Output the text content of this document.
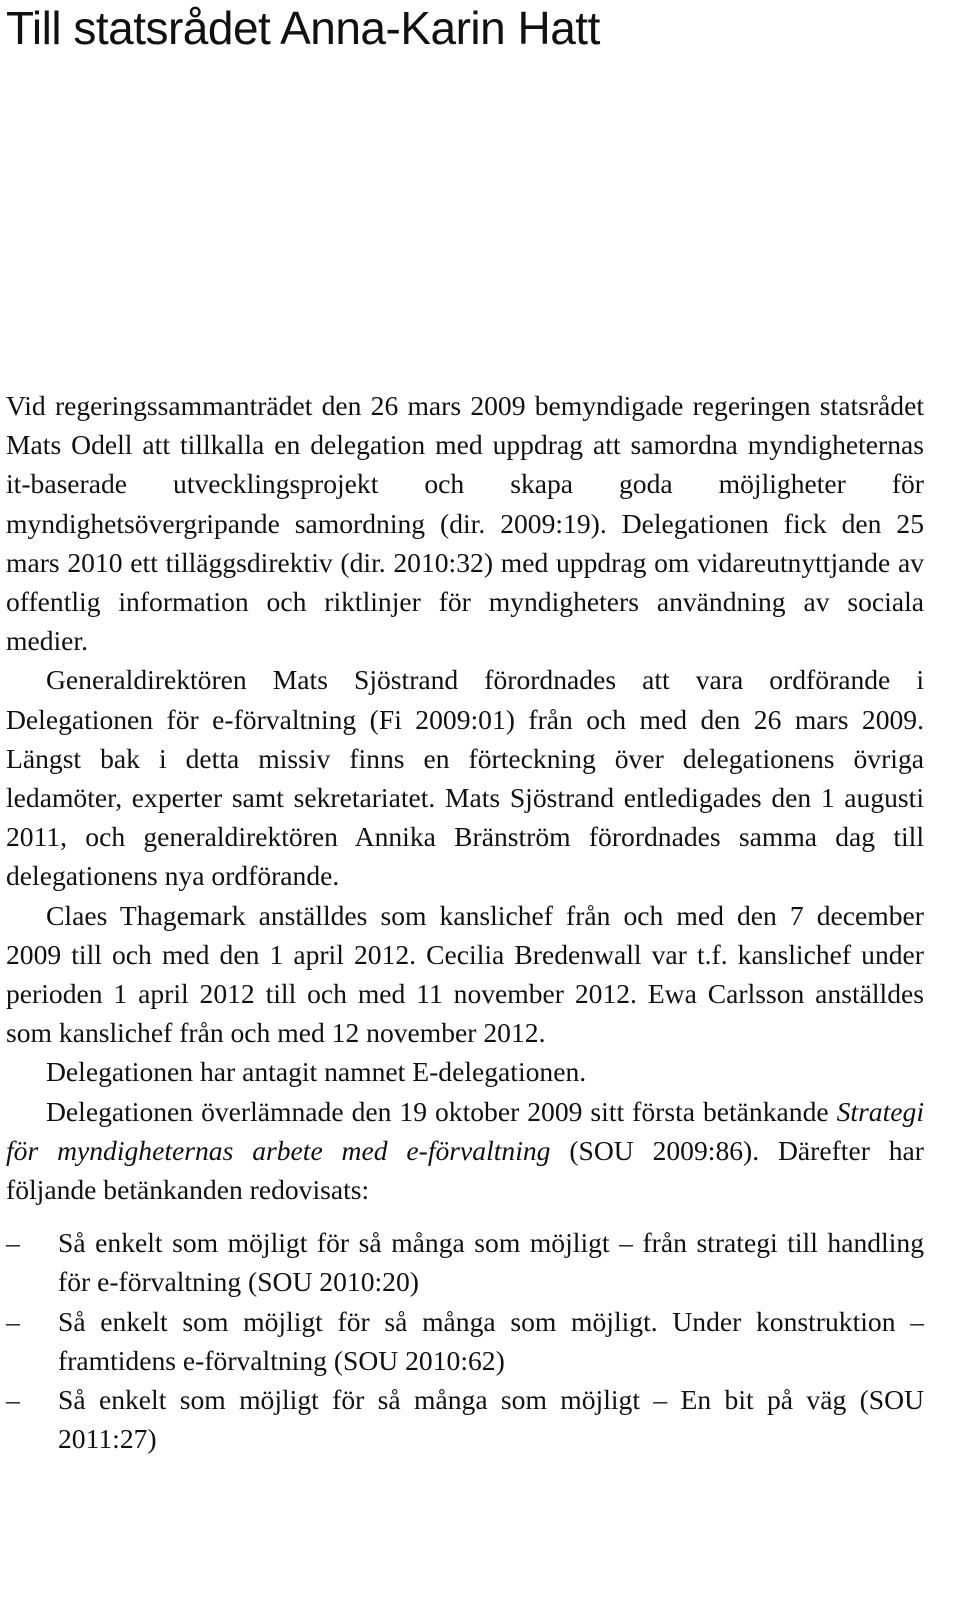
Till statsrådet Anna-Karin Hatt

Vid regeringssammanträdet den 26 mars 2009 bemyndigade regeringen statsrådet Mats Odell att tillkalla en delegation med uppdrag att samordna myndigheternas it-baserade utvecklingsprojekt och skapa goda möjligheter för myndighetsövergripande samordning (dir. 2009:19). Delegationen fick den 25 mars 2010 ett tilläggsdirektiv (dir. 2010:32) med uppdrag om vidareutnyttjande av offentlig information och riktlinjer för myndigheters användning av sociala medier.

Generaldirektören Mats Sjöstrand förordnades att vara ordförande i Delegationen för e-förvaltning (Fi 2009:01) från och med den 26 mars 2009. Längst bak i detta missiv finns en förteckning över delegationens övriga ledamöter, experter samt sekretariatet. Mats Sjöstrand entledigades den 1 augusti 2011, och generaldirektören Annika Bränström förordnades samma dag till delegationens nya ordförande.

Claes Thagemark anställdes som kanslichef från och med den 7 december 2009 till och med den 1 april 2012. Cecilia Bredenwall var t.f. kanslichef under perioden 1 april 2012 till och med 11 november 2012. Ewa Carlsson anställdes som kanslichef från och med 12 november 2012.

Delegationen har antagit namnet E-delegationen.

Delegationen överlämnade den 19 oktober 2009 sitt första betänkande Strategi för myndigheternas arbete med e-förvaltning (SOU 2009:86). Därefter har följande betänkanden redovisats:

– Så enkelt som möjligt för så många som möjligt – från strategi till handling för e-förvaltning (SOU 2010:20)
– Så enkelt som möjligt för så många som möjligt. Under konstruktion – framtidens e-förvaltning (SOU 2010:62)
– Så enkelt som möjligt för så många som möjligt – En bit på väg (SOU 2011:27)
